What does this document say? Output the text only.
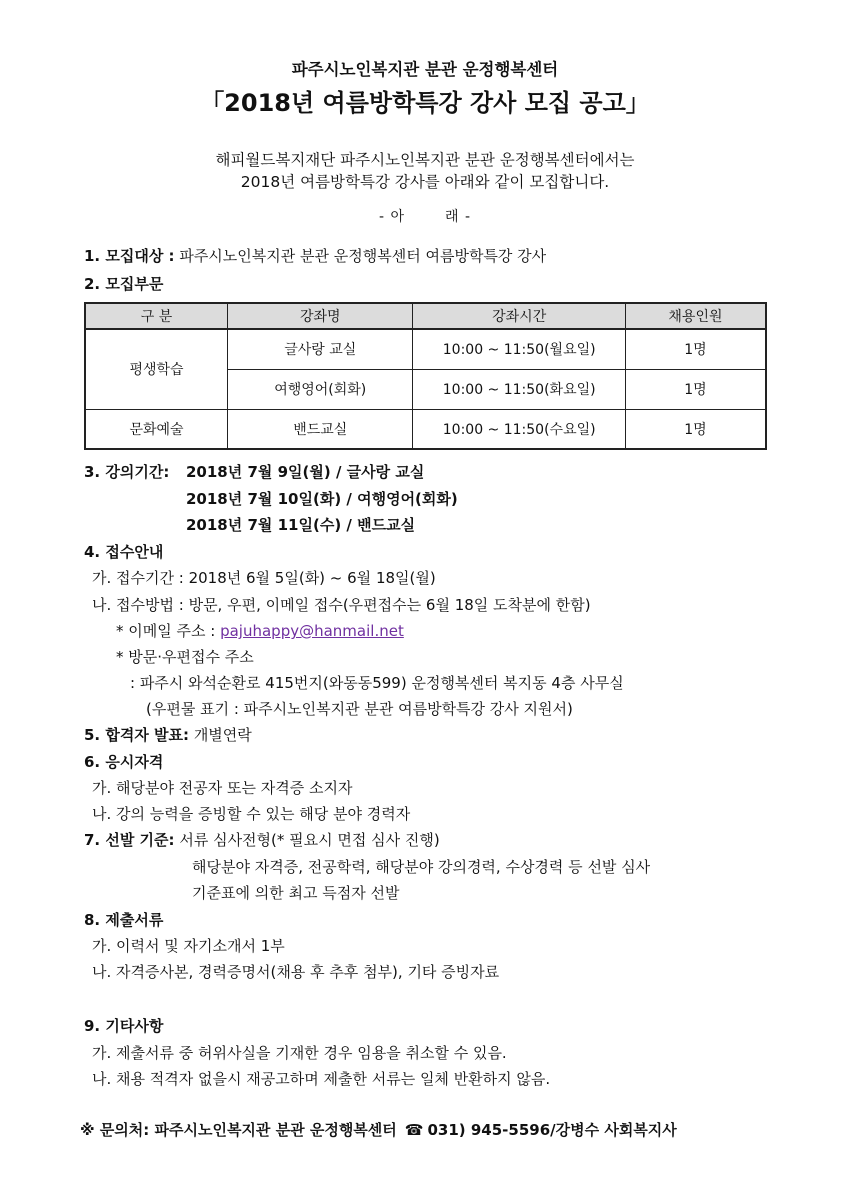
파주시노인복지관 분관 운정행복센터
「2018년 여름방학특강 강사 모집 공고」
해피월드복지재단 파주시노인복지관 분관 운정행복센터에서는
2018년 여름방학특강 강사를 아래와 같이 모집합니다.
- 아	래 -
1. 모집대상 : 파주시노인복지관 분관 운정행복센터 여름방학특강 강사
2. 모집부문
구 분	강좌명	강좌시간	채용인원
평생학습	글사랑 교실	10:00 ~ 11:50(월요일)	1명
	여행영어(회화)	10:00 ~ 11:50(화요일)	1명
문화예술	밴드교실	10:00 ~ 11:50(수요일)	1명
3. 강의기간: 2018년 7월 9일(월) / 글사랑 교실
2018년 7월 10일(화) / 여행영어(회화)
2018년 7월 11일(수) / 밴드교실
4. 접수안내
가. 접수기간 : 2018년 6월 5일(화) ~ 6월 18일(월)
나. 접수방법 : 방문, 우편, 이메일 접수(우편접수는 6월 18일 도착분에 한함)
* 이메일 주소 : pajuhappy@hanmail.net
* 방문·우편접수 주소
: 파주시 와석순환로 415번지(와동동599) 운정행복센터 복지동 4층 사무실
(우편물 표기 : 파주시노인복지관 분관 여름방학특강 강사 지원서)
5. 합격자 발표: 개별연락
6. 응시자격
가. 해당분야 전공자 또는 자격증 소지자
나. 강의 능력을 증빙할 수 있는 해당 분야 경력자
7. 선발 기준: 서류 심사전형(* 필요시 면접 심사 진행)
해당분야 자격증, 전공학력, 해당분야 강의경력, 수상경력 등 선발 심사
기준표에 의한 최고 득점자 선발
8. 제출서류
가. 이력서 및 자기소개서 1부
나. 자격증사본, 경력증명서(채용 후 추후 첨부), 기타 증빙자료
9. 기타사항
가. 제출서류 중 허위사실을 기재한 경우 임용을 취소할 수 있음.
나. 채용 적격자 없을시 재공고하며 제출한 서류는 일체 반환하지 않음.
※ 문의처: 파주시노인복지관 분관 운정행복센터 ☎ 031) 945-5596/강병수 사회복지사
